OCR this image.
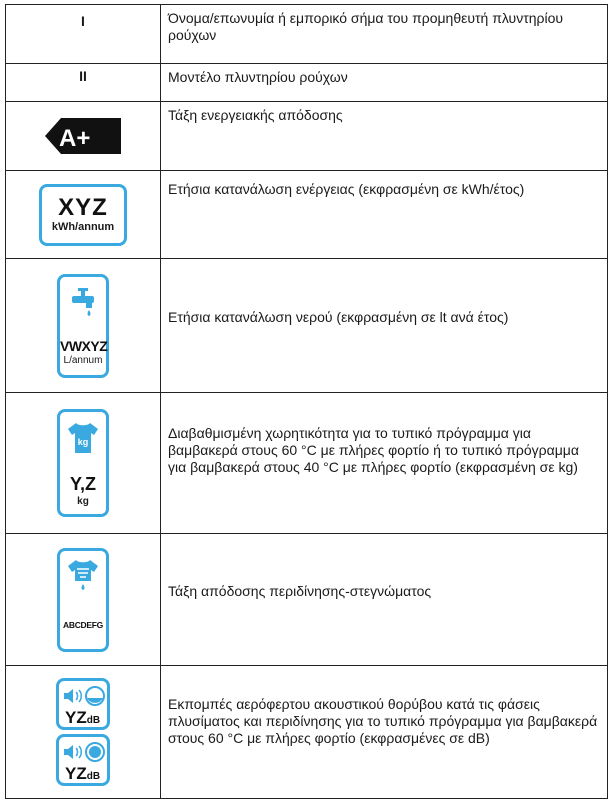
I	Όνομα/επωνυμία ή εμπορικό σήμα του προμηθευτή πλυντηρίου ρούχων

II	Μοντέλο πλυντηρίου ρούχων

A+	Τάξη ενεργειακής απόδοσης

XYZ
kWh/annum	Ετήσια κατανάλωση ενέργειας (εκφρασμένη σε kWh/έτος)

VWXYZ
L/annum	Ετήσια κατανάλωση νερού (εκφρασμένη σε lt ανά έτος)

kg
Y,Z
kg	Διαβαθμισμένη χωρητικότητα για το τυπικό πρόγραμμα για βαμβακερά στους 60 °C με πλήρες φορτίο ή το τυπικό πρόγραμμα για βαμβακερά στους 40 °C με πλήρες φορτίο (εκφρασμένη σε kg)

ABCDEFG	Τάξη απόδοσης περιδίνησης-στεγνώματος

YZdB
YZdB	Εκπομπές αερόφερτου ακουστικού θορύβου κατά τις φάσεις πλυσίματος και περιδίνησης για το τυπικό πρόγραμμα για βαμβακερά στους 60 °C με πλήρες φορτίο (εκφρασμένες σε dB)
